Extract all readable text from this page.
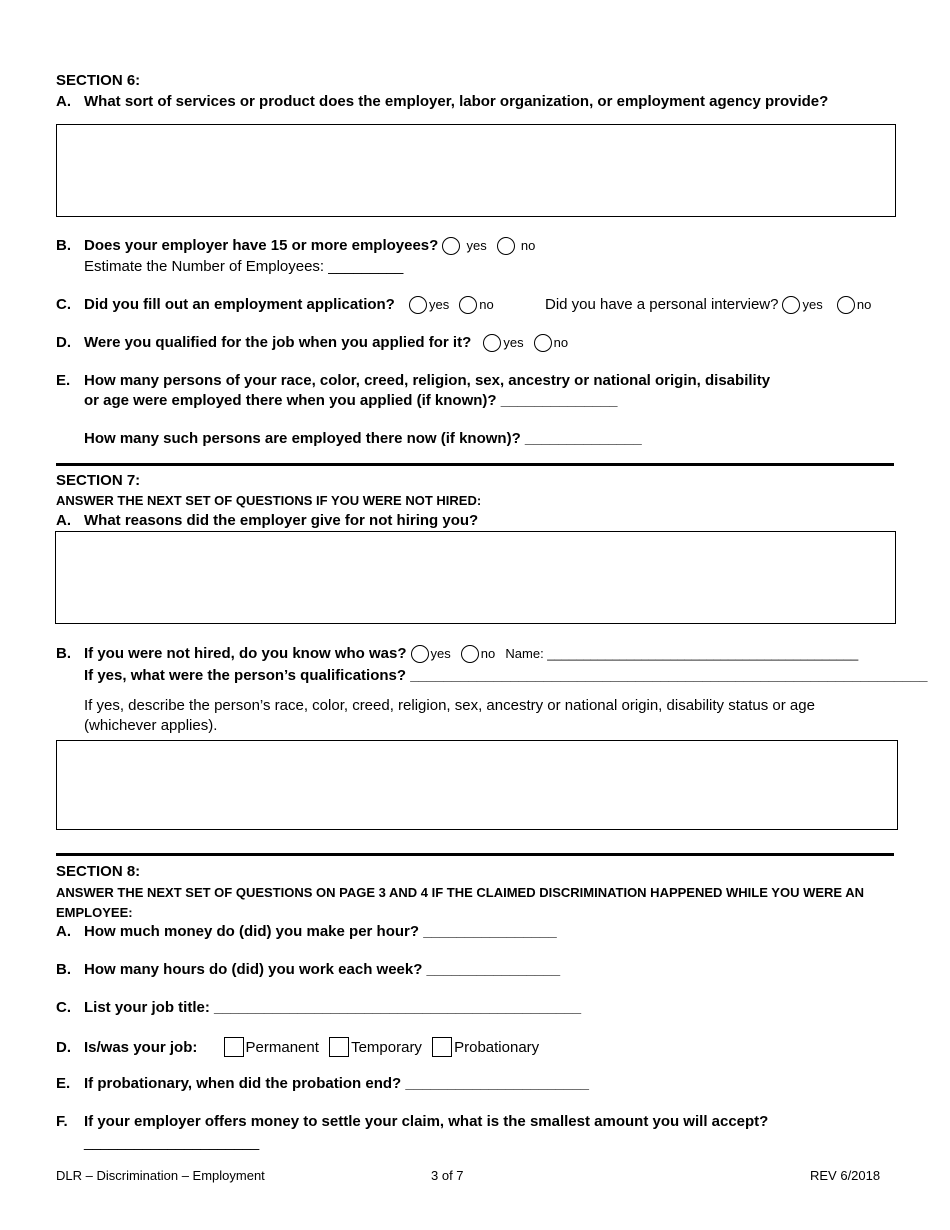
SECTION 6:
A. What sort of services or product does the employer, labor organization, or employment agency provide?
B. Does your employer have 15 or more employees? yes	no
Estimate the Number of Employees: _________
C. Did you fill out an employment application?	yes no	Did you have a personal interview? yes	no
D. Were you qualified for the job when you applied for it? yes no
E. How many persons of your race, color, creed, religion, sex, ancestry or national origin, disability
or age were employed there when you applied (if known)? ______________
How many such persons are employed there now (if known)? ______________
SECTION 7:
ANSWER THE NEXT SET OF QUESTIONS IF YOU WERE NOT HIRED:
A. What reasons did the employer give for not hiring you?
B. If you were not hired, do you know who was? yes no Name: ___________________________________________
If yes, what were the person’s qualifications? ______________________________________________________________
If yes, describe the person’s race, color, creed, religion, sex, ancestry or national origin, disability status or age
(whichever applies).
SECTION 8:
ANSWER THE NEXT SET OF QUESTIONS ON PAGE 3 AND 4 IF THE CLAIMED DISCRIMINATION HAPPENED WHILE YOU WERE AN
EMPLOYEE:
A. How much money do (did) you make per hour? ________________
B. How many hours do (did) you work each week? ________________
C. List your job title: ____________________________________________
D. Is/was your job:	Permanent Temporary Probationary
E. If probationary, when did the probation end? ______________________
F. If your employer offers money to settle your claim, what is the smallest amount you will accept?
_____________________
DLR – Discrimination – Employment	3 of 7	REV 6/2018
